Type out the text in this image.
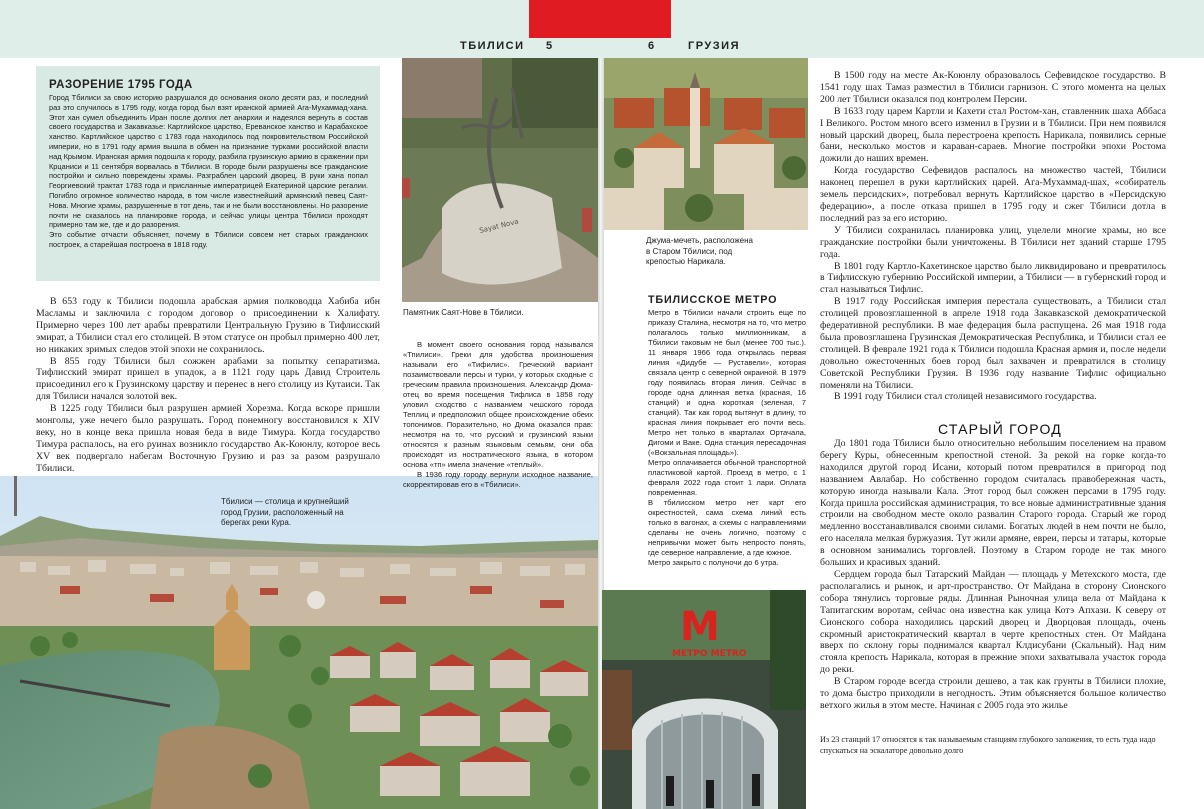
ТБИЛИСИ 5	6	ГРУЗИЯ
РАЗОРЕНИЕ 1795 ГОДА

Город Тбилиси за свою историю разрушался до основания около десяти раз, и последний раз это случилось в 1795 году, когда город был взят иранской армией Ага-Мухаммад-хана. Этот хан сумел объединить Иран после долгих лет анархии и надеялся вернуть в состав своего государства и Закавказье: Картлийское царство, Ереванское ханство и Карабахское ханство. Картлийское царство с 1783 года находилось под покровительством Российской империи, но в 1791 году армия вышла в обмен на признание турками российской власти над Крымом. Иранская армия подошла к городу, разбила грузинскую армию в сражении при Крцаниси и 11 сентября ворвалась в Тбилиси. В городе были разрушены все гражданские постройки и сильно повреждены храмы. Разграблен царский дворец. В руки хана попал Георгиевский трактат 1783 года и присланные императрицей Екатериной царские регалии. Погибло огромное количество народа, в том числе известнейший армянский певец Саят-Нова. Многие храмы, разрушенные в тот день, так и не были восстановлены. Но разорение почти не сказалось на планировке города, и сейчас улицы центра Тбилиси проходят примерно там же, где и до разорения.

Это событие отчасти объясняет, почему в Тбилиси совсем нет старых гражданских построек, а старейшая построена в 1818 году.

В 653 году к Тбилиси подошла арабская армия полководца Хабиба ибн Масламы и заключила с городом договор о присоединении к Халифату. Примерно через 100 лет арабы превратили Центральную Грузию в Тифлисский эмират, а Тбилиси стал его столицей. В этом статусе он пробыл примерно 400 лет, но никаких зримых следов этой эпохи не сохранилось.

В 855 году Тбилиси был сожжен арабами за попытку сепаратизма. Тифлисский эмират пришел в упадок, а в 1121 году царь Давид Строитель присоединил его к Грузинскому царству и перенес в него столицу из Кутаиси. Так для Тбилиси начался золотой век.

В 1225 году Тбилиси был разрушен армией Хорезма. Когда вскоре пришли монголы, уже нечего было разрушать. Город понемногу восстановился к XIV веку, но в конце века пришла новая беда в виде Тимура. Когда государство Тимура распалось, на его руинах возникло государство Ак-Коюнлу, которое весь XV век подвергало набегам Восточную Грузию и раз за разом разрушало Тбилиси.

Тбилиси — столица и крупнейший город Грузии, расположенный на берегах реки Кура.
Sayat Nova
Памятник Саят-Нове в Тбилиси.

В момент своего основания город назывался «Тпилиси». Греки для удобства произношения называли его «Тифилис». Греческий вариант позаимствовали персы и турки, у которых сходные с греческим правила произношения. Александр Дюма-отец во время посещения Тифлиса в 1858 году уловил сходство с названием чешского города Теплиц и предположил общее происхождение обеих топонимов. Поразительно, но Дюма оказался прав: несмотря на то, что русский и грузинский языки относятся к разным языковым семьям, они оба происходят из ностратического языка, в котором основа «тп» имела значение «теплый».

В 1936 году городу вернули исходное название, скорректировав его в «Тбилиси».

Джума-мечеть, расположена в Старом Тбилиси, под крепостью Нарикала.
ТБИЛИССКОЕ МЕТРО

Метро в Тбилиси начали строить еще по приказу Сталина, несмотря на то, что метро полагалось только миллионникам, а Тбилиси таковым не был (менее 700 тыс.). 11 января 1966 года открылась первая линия «Дидубе — Руставели», которая связала центр с северной окраиной. В 1979 году появилась вторая линия. Сейчас в городе одна длинная ветка (красная, 16 станций) и одна короткая (зеленая, 7 станций). Так как город вытянут в длину, то красная линия покрывает его почти весь. Метро нет только в кварталах Ортачала, Дигоми и Ваке. Одна станция пересадочная («Вокзальная площадь»).

Метро оплачивается обычной транспортной пластиковой картой. Проезд в метро, с 1 февраля 2022 года стоит 1 лари. Оплата повременная.

В тбилисском метро нет карт его окрестностей, сама схема линий есть только в вагонах, а схемы с направлениями сделаны не очень логично, поэтому с непривычки может быть непросто понять, где северное направление, а где южное.

Метро закрыто с полуночи до 6 утра.

M
МЕТРО METRO

В 1500 году на месте Ак-Коюнлу образовалось Сефевидское государство. В 1541 году шах Тамаз разместил в Тбилиси гарнизон. С этого момента на целых 200 лет Тбилиси оказался под контролем Персии.

В 1633 году царем Картли и Кахети стал Ростом-хан, ставленник шаха Аббаса I Великого. Ростом много всего изменил в Грузии и в Тбилиси. При нем появился новый царский дворец, была перестроена крепость Нарикала, появились серные бани, несколько мостов и караван-сараев. Многие постройки эпохи Ростома дожили до наших времен.

Когда государство Сефевидов распалось на множество частей, Тбилиси наконец перешел в руки картлийских царей. Ага-Мухаммад-шах, «собиратель земель персидских», потребовал вернуть Картлийское царство в «Персидскую федерацию», а после отказа пришел в 1795 году и сжег Тбилиси дотла в последний раз за его историю.

У Тбилиси сохранилась планировка улиц, уцелели многие храмы, но все гражданские постройки были уничтожены. В Тбилиси нет зданий старше 1795 года.

В 1801 году Картло-Кахетинское царство было ликвидировано и превратилось в Тифлисскую губернию Российской империи, а Тбилиси — в губернский город и стал называться Тифлис.

В 1917 году Российская империя перестала существовать, а Тбилиси стал столицей провозглашенной в апреле 1918 года Закавказской демократической федеративной республики. В мае федерация была распущена. 26 мая 1918 года была провозглашена Грузинская Демократическая Республика, и Тбилиси стал ее столицей. В феврале 1921 года к Тбилиси подошла Красная армия и, после недели довольно ожесточенных боев город был захвачен и превратился в столицу Советской Республики Грузия. В 1936 году название Тифлис официально поменяли на Тбилиси.

В 1991 году Тбилиси стал столицей независимого государства.

СТАРЫЙ ГОРОД

До 1801 года Тбилиси было относительно небольшим поселением на правом берегу Куры, обнесенным крепостной стеной. За рекой на горке когда-то находился другой город Исани, который потом превратился в пригород под названием Авлабар. Но собственно городом считалась правобережная часть, которую иногда называли Кала. Этот город был сожжен персами в 1795 году. Когда пришла российская администрация, то все новые административные здания строили на свободном месте около развалин Старого города. Старый же город медленно восстанавливался своими силами. Богатых людей в нем почти не было, его населяла мелкая буржуазия. Тут жили армяне, евреи, персы и татары, которые в основном занимались торговлей. Поэтому в Старом городе не так много больших и красивых зданий.

Сердцем города был Татарский Майдан — площадь у Метехского моста, где располагались и рынок, и арт-пространство. От Майдана в сторону Сионского собора тянулись торговые ряды. Длинная Рыночная улица вела от Майдана к Тапитагским воротам, сейчас она известна как улица Котэ Апхази. К северу от Сионского собора находились царский дворец и Дворцовая площадь, очень скромный аристократический квартал в черте крепостных стен. От Майдана вверх по склону горы поднимался квартал Клдисубани (Скальный). Над ним стояла крепость Нарикала, которая в прежние эпохи захватывала участок города до реки.

В Старом городе всегда строили дешево, а так как грунты в Тбилиси плохие, то дома быстро приходили в негодность. Этим объясняется большое количество ветхого жилья в этом месте. Начиная с 2005 года это жилье

Из 23 станций 17 относятся к так называемым станциям глубокого заложения, то есть туда надо спускаться на эскалаторе довольно долго
